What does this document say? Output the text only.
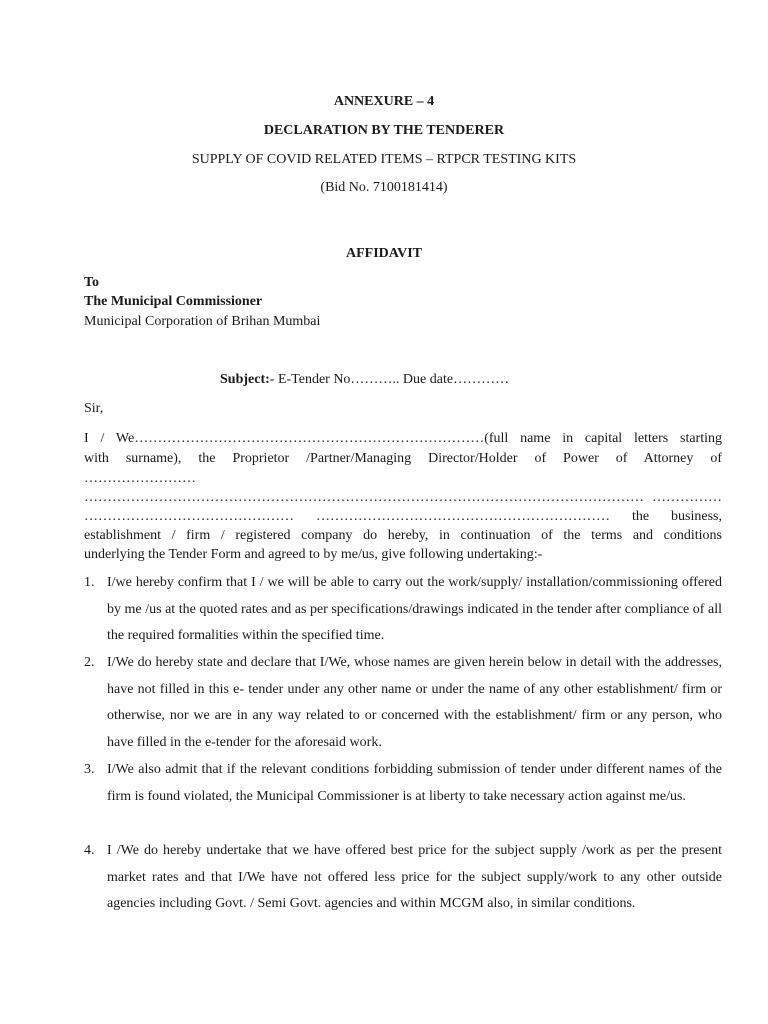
ANNEXURE – 4
DECLARATION BY THE TENDERER
SUPPLY OF COVID RELATED ITEMS – RTPCR TESTING KITS
(Bid No. 7100181414)
AFFIDAVIT
To
The Municipal Commissioner
Municipal Corporation of Brihan Mumbai
Subject:- E-Tender No……….. Due date…………
Sir,
I / We…………………………………………………………………(full name in capital letters starting
with surname), the Proprietor /Partner/Managing Director/Holder of Power of Attorney of
……………………
………………………………………………………………………………………………………… ……………
……………………………………… ……………………………………………………… the business,
establishment / firm / registered company do hereby, in continuation of the terms and conditions
underlying the Tender Form and agreed to by me/us, give following undertaking:-
1. I/we hereby confirm that I / we will be able to carry out the work/supply/ installation/commissioning offered by me /us at the quoted rates and as per specifications/drawings indicated in the tender after compliance of all the required formalities within the specified time.
2. I/We do hereby state and declare that I/We, whose names are given herein below in detail with the addresses, have not filled in this e- tender under any other name or under the name of any other establishment/ firm or otherwise, nor we are in any way related to or concerned with the establishment/ firm or any person, who have filled in the e-tender for the aforesaid work.
3. I/We also admit that if the relevant conditions forbidding submission of tender under different names of the firm is found violated, the Municipal Commissioner is at liberty to take necessary action against me/us.
4. I /We do hereby undertake that we have offered best price for the subject supply /work as per the present market rates and that I/We have not offered less price for the subject supply/work to any other outside agencies including Govt. / Semi Govt. agencies and within MCGM also, in similar conditions.
